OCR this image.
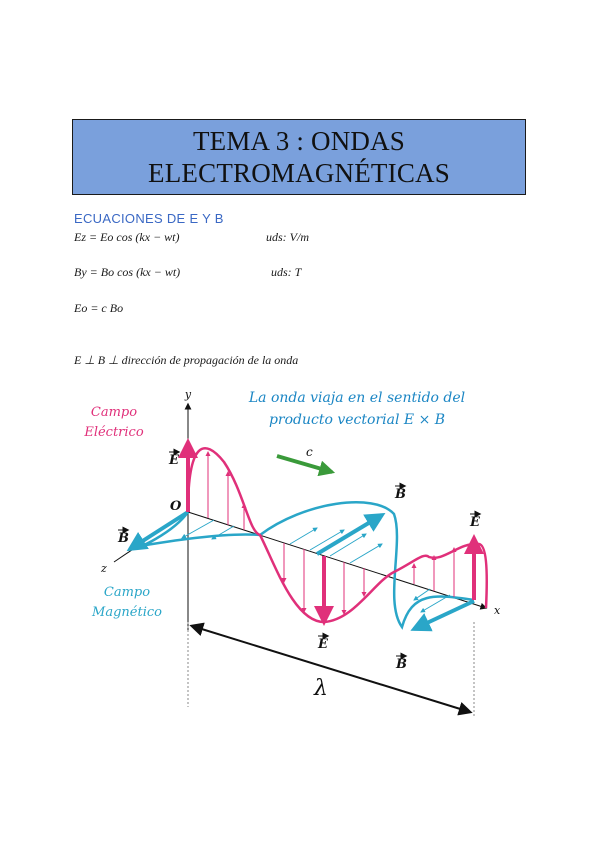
TEMA 3 : ONDAS
ELECTROMAGNÉTICAS
ECUACIONES DE E Y B
Ez = Eo cos (kx − wt)	uds: V/m
By = Bo cos (kx − wt)	uds: T
Eo = c Bo
E ⊥ B ⊥ dirección de propagación de la onda
La onda viaja en el sentido del
producto vectorial E × B
Campo
Eléctrico
Campo
Magnético
y
x
z
O
c
E
B
B
E
E
B
λ
